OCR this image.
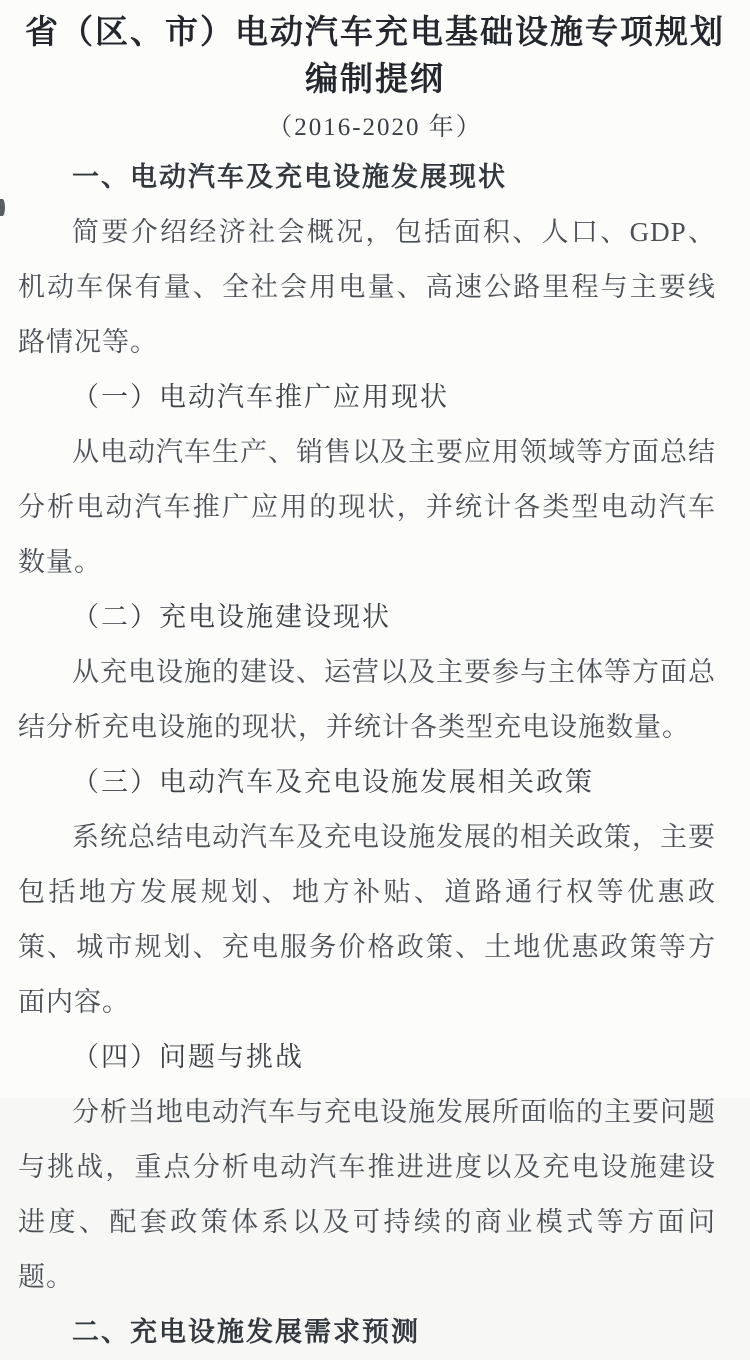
省（区、市）电动汽车充电基础设施专项规划
编制提纲
（2016-2020 年）
一、电动汽车及充电设施发展现状
简要介绍经济社会概况，包括面积、人口、GDP、机动车保有量、全社会用电量、高速公路里程与主要线路情况等。
（一）电动汽车推广应用现状
从电动汽车生产、销售以及主要应用领域等方面总结分析电动汽车推广应用的现状，并统计各类型电动汽车数量。
（二）充电设施建设现状
从充电设施的建设、运营以及主要参与主体等方面总结分析充电设施的现状，并统计各类型充电设施数量。
（三）电动汽车及充电设施发展相关政策
系统总结电动汽车及充电设施发展的相关政策，主要包括地方发展规划、地方补贴、道路通行权等优惠政策、城市规划、充电服务价格政策、土地优惠政策等方面内容。
（四）问题与挑战
分析当地电动汽车与充电设施发展所面临的主要问题与挑战，重点分析电动汽车推进进度以及充电设施建设进度、配套政策体系以及可持续的商业模式等方面问题。
二、充电设施发展需求预测
